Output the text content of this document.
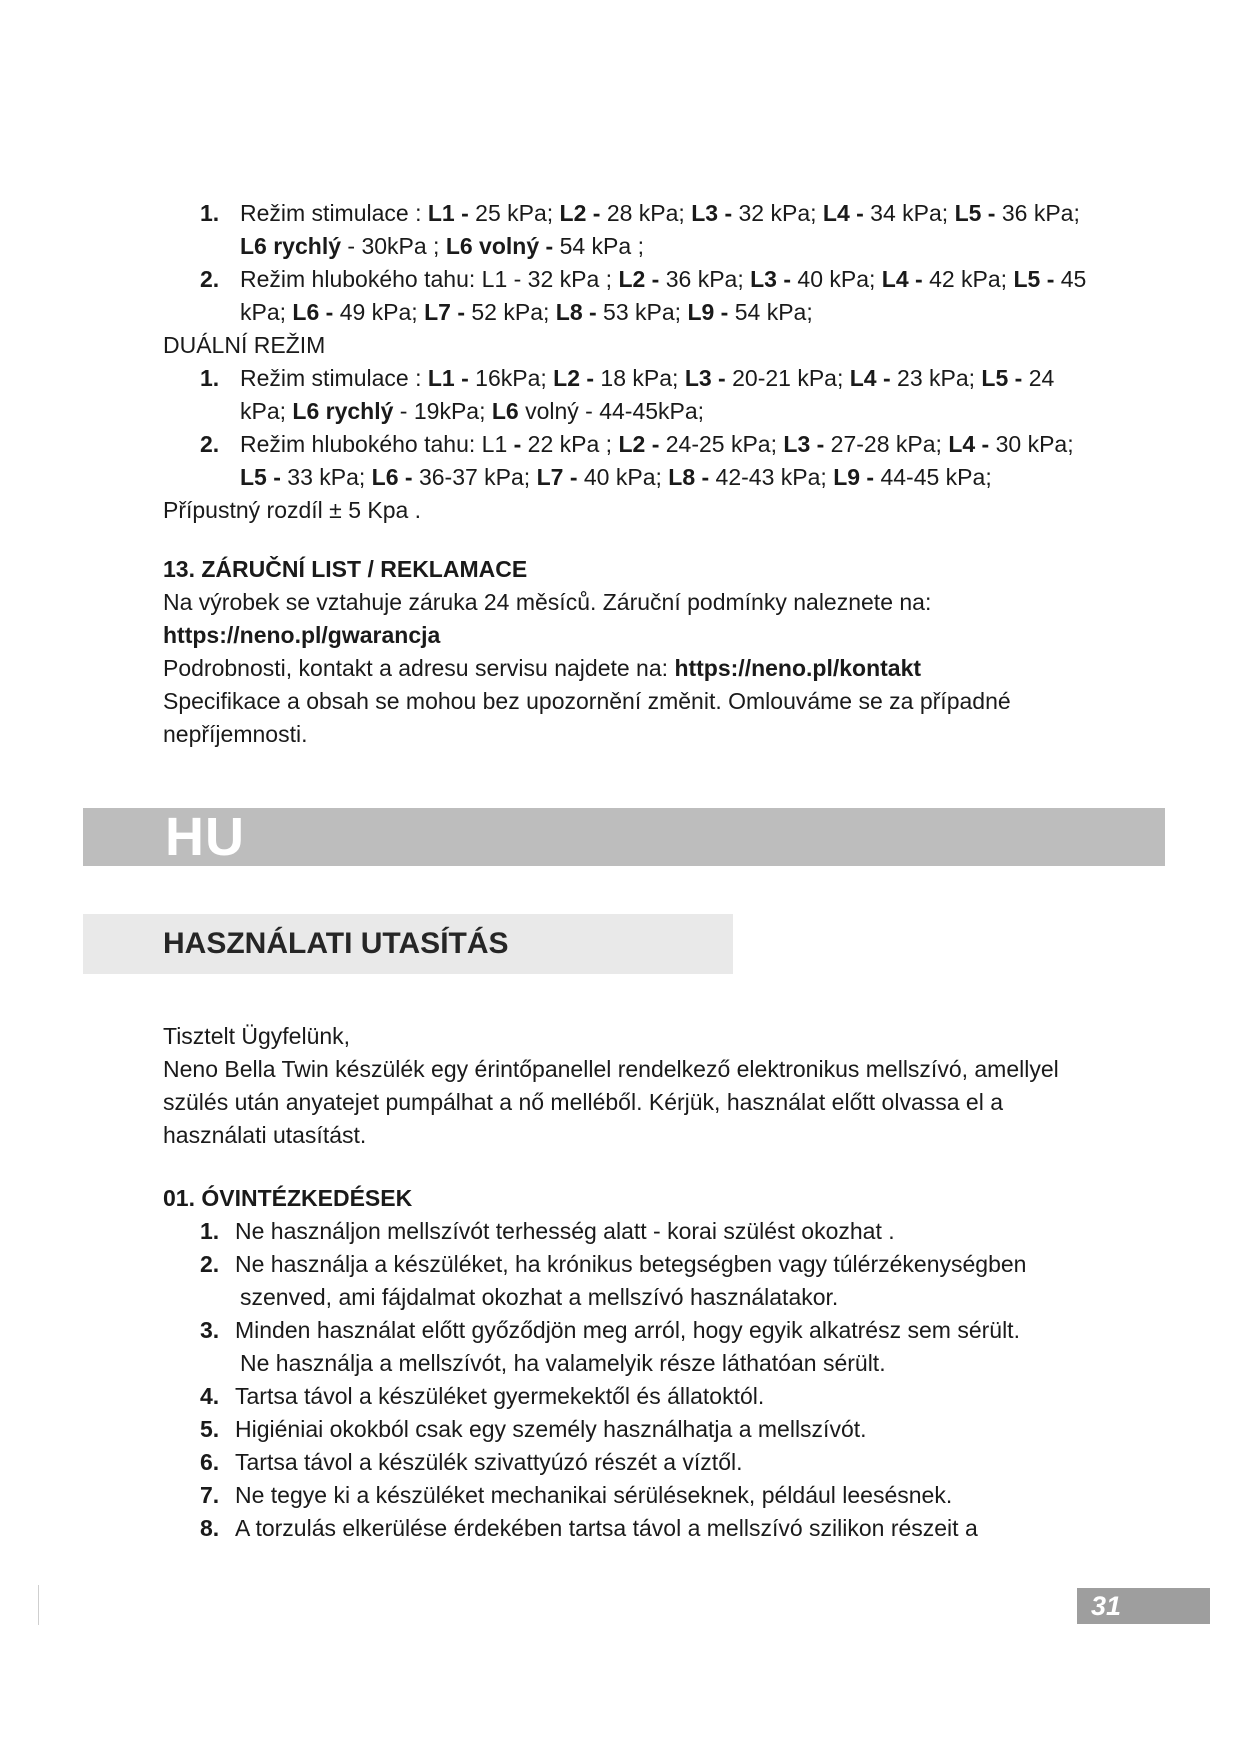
1. Režim stimulace : L1 - 25 kPa; L2 - 28 kPa; L3 - 32 kPa; L4 - 34 kPa; L5 - 36 kPa; L6 rychlý - 30kPa ; L6 volný - 54 kPa ;
2. Režim hlubokého tahu: L1 - 32 kPa ; L2 - 36 kPa; L3 - 40 kPa; L4 - 42 kPa; L5 - 45 kPa; L6 - 49 kPa; L7 - 52 kPa; L8 - 53 kPa; L9 - 54 kPa;

DUÁLNÍ REŽIM

1. Režim stimulace : L1 - 16kPa; L2 - 18 kPa; L3 - 20-21 kPa; L4 - 23 kPa; L5 - 24 kPa; L6 rychlý - 19kPa; L6 volný - 44-45kPa;
2. Režim hlubokého tahu: L1 - 22 kPa ; L2 - 24-25 kPa; L3 - 27-28 kPa; L4 - 30 kPa; L5 - 33 kPa; L6 - 36-37 kPa; L7 - 40 kPa; L8 - 42-43 kPa; L9 - 44-45 kPa;

Přípustný rozdíl ± 5 Kpa .

13. ZÁRUČNÍ LIST / REKLAMACE

Na výrobek se vztahuje záruka 24 měsíců. Záruční podmínky naleznete na:

https://neno.pl/gwarancja

Podrobnosti, kontakt a adresu servisu najdete na: https://neno.pl/kontakt

Specifikace a obsah se mohou bez upozornění změnit. Omlouváme se za případné nepříjemnosti.

HU
HASZNÁLATI UTASÍTÁS

Tisztelt Ügyfelünk,

Neno Bella Twin készülék egy érintőpanellel rendelkező elektronikus mellszívó, amellyel szülés után anyatejet pumpálhat a nő melléből. Kérjük, használat előtt olvassa el a használati utasítást.

01. ÓVINTÉZKEDÉSEK

1. Ne használjon mellszívót terhesség alatt - korai szülést okozhat .
2. Ne használja a készüléket, ha krónikus betegségben vagy túlérzékenységben
szenved, ami fájdalmat okozhat a mellszívó használatakor.
3. Minden használat előtt győződjön meg arról, hogy egyik alkatrész sem sérült.
Ne használja a mellszívót, ha valamelyik része láthatóan sérült.
4. Tartsa távol a készüléket gyermekektől és állatoktól.
5. Higiéniai okokból csak egy személy használhatja a mellszívót.
6. Tartsa távol a készülék szivattyúzó részét a víztől.
7. Ne tegye ki a készüléket mechanikai sérüléseknek, például leesésnek.
8. A torzulás elkerülése érdekében tartsa távol a mellszívó szilikon részeit a
31
